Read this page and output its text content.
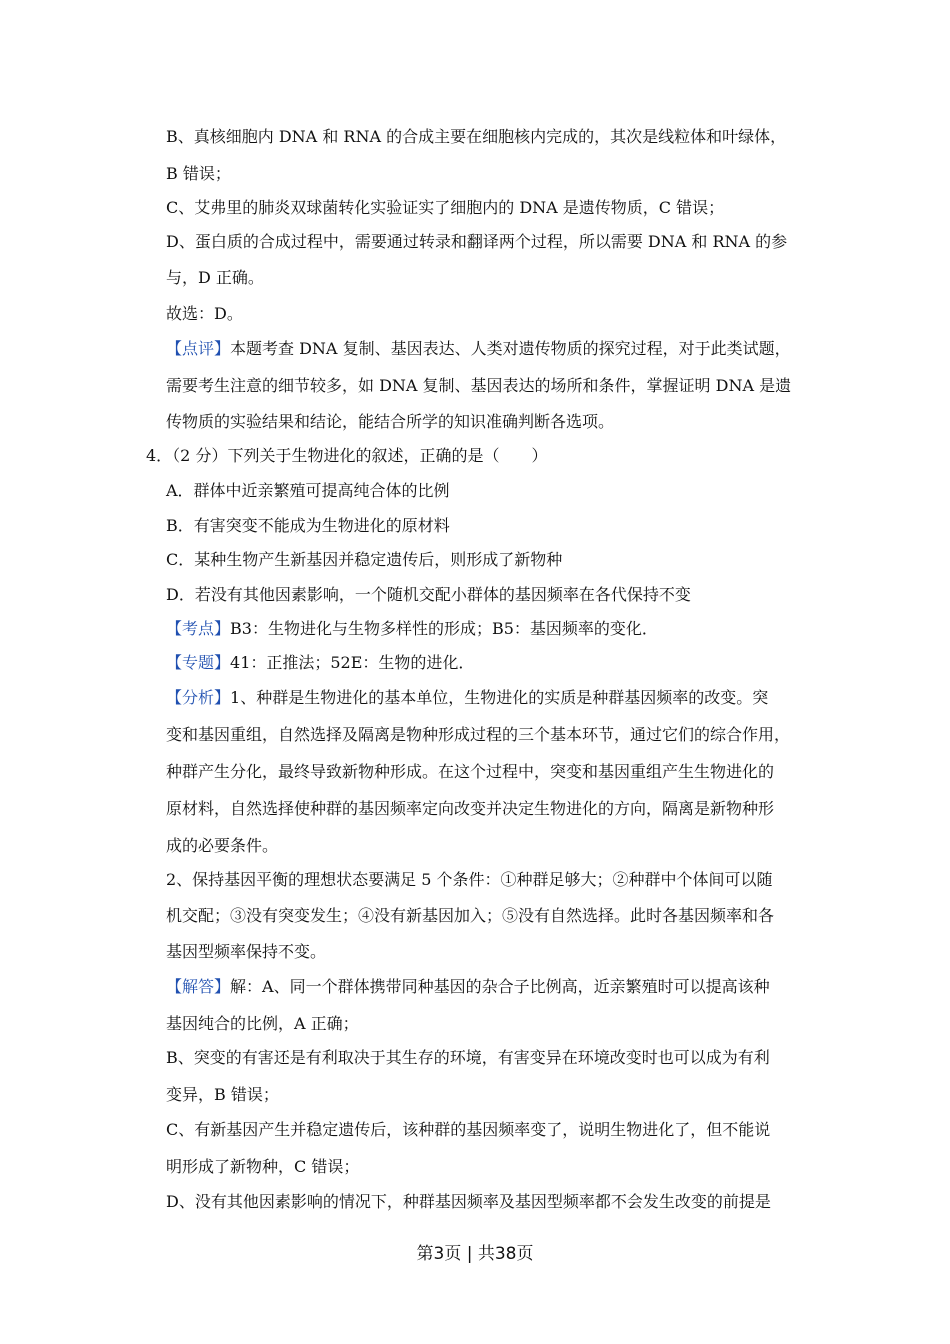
B、真核细胞内 DNA 和 RNA 的合成主要在细胞核内完成的，其次是线粒体和叶绿体，
B 错误；
C、艾弗里的肺炎双球菌转化实验证实了细胞内的 DNA 是遗传物质，C 错误；
D、蛋白质的合成过程中，需要通过转录和翻译两个过程，所以需要 DNA 和 RNA 的参
与，D 正确。
故选：D。
【点评】本题考查 DNA 复制、基因表达、人类对遗传物质的探究过程，对于此类试题，
需要考生注意的细节较多，如 DNA 复制、基因表达的场所和条件，掌握证明 DNA 是遗
传物质的实验结果和结论，能结合所学的知识准确判断各选项。
4．（2 分）下列关于生物进化的叙述，正确的是（　　）
A．群体中近亲繁殖可提高纯合体的比例
B．有害突变不能成为生物进化的原材料
C．某种生物产生新基因并稳定遗传后，则形成了新物种
D．若没有其他因素影响，一个随机交配小群体的基因频率在各代保持不变
【考点】B3：生物进化与生物多样性的形成；B5：基因频率的变化．
【专题】41：正推法；52E：生物的进化．
【分析】1、种群是生物进化的基本单位，生物进化的实质是种群基因频率的改变。突
变和基因重组，自然选择及隔离是物种形成过程的三个基本环节，通过它们的综合作用，
种群产生分化，最终导致新物种形成。在这个过程中，突变和基因重组产生生物进化的
原材料，自然选择使种群的基因频率定向改变并决定生物进化的方向，隔离是新物种形
成的必要条件。
2、保持基因平衡的理想状态要满足 5 个条件：①种群足够大；②种群中个体间可以随
机交配；③没有突变发生；④没有新基因加入；⑤没有自然选择。此时各基因频率和各
基因型频率保持不变。
【解答】解：A、同一个群体携带同种基因的杂合子比例高，近亲繁殖时可以提高该种
基因纯合的比例，A 正确；
B、突变的有害还是有利取决于其生存的环境，有害变异在环境改变时也可以成为有利
变异，B 错误；
C、有新基因产生并稳定遗传后，该种群的基因频率变了，说明生物进化了，但不能说
明形成了新物种，C 错误；
D、没有其他因素影响的情况下，种群基因频率及基因型频率都不会发生改变的前提是
第3页 | 共38页
